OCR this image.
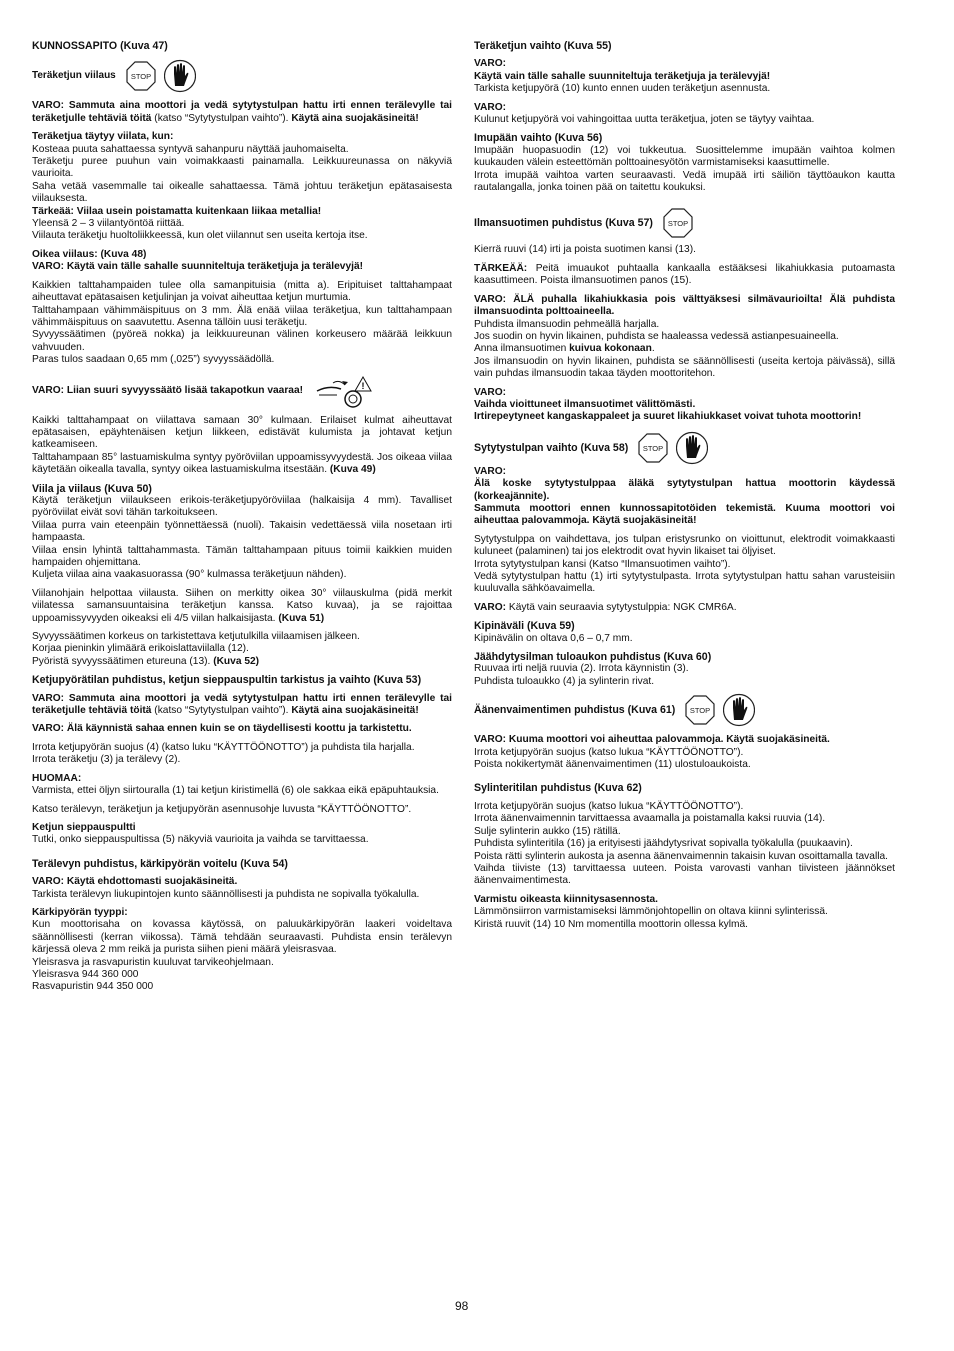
KUNNOSSAPITO (Kuva 47)

Teräketjun viilaus STOP

VARO: Sammuta aina moottori ja vedä sytytystulpan hattu irti ennen terälevylle tai teräketjulle tehtäviä töitä (katso “Sytytystulpan vaihto”). Käytä aina suojakäsineitä!

Teräketjua täytyy viilata, kun:

Kosteaa puuta sahattaessa syntyvä sahanpuru näyttää jauhomaiselta.

Teräketju puree puuhun vain voimakkaasti painamalla. Leikkuureunassa on näkyviä vaurioita.

Saha vetää vasemmalle tai oikealle sahattaessa. Tämä johtuu teräketjun epätasaisesta viilauksesta.

Tärkeää: Viilaa usein poistamatta kuitenkaan liikaa metallia!

Yleensä 2 – 3 viilantyöntöä riittää.

Viilauta teräketju huoltoliikkeessä, kun olet viilannut sen useita kertoja itse.

Oikea viilaus: (Kuva 48)

VARO: Käytä vain tälle sahalle suunniteltuja teräketjuja ja terälevyjä!

Kaikkien talttahampaiden tulee olla samanpituisia (mitta a). Eripituiset talttahampaat aiheuttavat epätasaisen ketjulinjan ja voivat aiheuttaa ketjun murtumia.

Talttahampaan vähimmäispituus on 3 mm. Älä enää viilaa teräketjua, kun talttahampaan vähimmäispituus on saavutettu. Asenna tällöin uusi teräketju.

Syvyyssäätimen (pyöreä nokka) ja leikkuureunan välinen korkeusero määrää leikkuun vahvuuden.

Paras tulos saadaan 0,65 mm (,025”) syvyyssäädöllä.

VARO: Liian suuri syvyyssäätö lisää takapotkun vaaraa!	!

Kaikki talttahampaat on viilattava samaan 30° kulmaan. Erilaiset kulmat aiheuttavat epätasaisen, epäyhtenäisen ketjun liikkeen, edistävät kulumista ja johtavat ketjun katkeamiseen.

Talttahampaan 85° lastuamiskulma syntyy pyöröviilan uppoamissyvyydestä. Jos oikeaa viilaa käytetään oikealla tavalla, syntyy oikea lastuamiskulma itsestään. (Kuva 49)

Viila ja viilaus (Kuva 50)

Käytä teräketjun viilaukseen erikois-teräketjupyöröviilaa (halkaisija 4 mm). Tavalliset pyöröviilat eivät sovi tähän tarkoitukseen.

Viilaa purra vain eteenpäin työnnettäessä (nuoli). Takaisin vedettäessä viila nosetaan irti hampaasta.

Viilaa ensin lyhintä talttahammasta. Tämän talttahampaan pituus toimii kaikkien muiden hampaiden ohjemittana.

Kuljeta viilaa aina vaakasuorassa (90° kulmassa teräketjuun nähden).

Viilanohjain helpottaa viilausta. Siihen on merkitty oikea 30° viilauskulma (pidä merkit viilatessa samansuuntaisina teräketjun kanssa. Katso kuvaa), ja se rajoittaa uppoamissyvyyden oikeaksi eli 4/5 viilan halkaisijasta. (Kuva 51)

Syvyyssäätimen korkeus on tarkistettava ketjutulkilla viilaamisen jälkeen.

Korjaa pieninkin ylimäärä erikoislattaviilalla (12).

Pyöristä syvyyssäätimen etureuna (13). (Kuva 52)

Ketjupyörätilan puhdistus, ketjun sieppauspultin tarkistus ja vaihto (Kuva 53)

VARO: Sammuta aina moottori ja vedä sytytystulpan hattu irti ennen terälevylle tai teräketjulle tehtäviä töitä (katso “Sytytystulpan vaihto”). Käytä aina suojakäsineitä!

VARO: Älä käynnistä sahaa ennen kuin se on täydellisesti koottu ja tarkistettu.

Irrota ketjupyörän suojus (4) (katso luku “KÄYTTÖÖNOTTO”) ja puhdista tila harjalla.

Irrota teräketju (3) ja terälevy (2).

HUOMAA:

Varmista, ettei öljyn siirtouralla (1) tai ketjun kiristimellä (6) ole sakkaa eikä epäpuhtauksia.

Katso terälevyn, teräketjun ja ketjupyörän asennusohje luvusta “KÄYTTÖÖNOTTO”.

Ketjun sieppauspultti

Tutki, onko sieppauspultissa (5) näkyviä vaurioita ja vaihda se tarvittaessa.

Terälevyn puhdistus, kärkipyörän voitelu (Kuva 54)

VARO: Käytä ehdottomasti suojakäsineitä.

Tarkista terälevyn liukupintojen kunto säännöllisesti ja puhdista ne sopivalla työkalulla.

Kärkipyörän tyyppi:

Kun moottorisaha on kovassa käytössä, on paluukärkipyörän laakeri voideltava säännöllisesti (kerran viikossa). Tämä tehdään seuraavasti. Puhdista ensin terälevyn kärjessä oleva 2 mm reikä ja purista siihen pieni määrä yleisrasvaa.

Yleisrasva ja rasvapuristin kuuluvat tarvikeohjelmaan.

Yleisrasva 944 360 000

Rasvapuristin 944 350 000

Teräketjun vaihto (Kuva 55)

VARO:

Käytä vain tälle sahalle suunniteltuja teräketjuja ja terälevyjä!

Tarkista ketjupyörä (10) kunto ennen uuden teräketjun asennusta.

VARO:

Kulunut ketjupyörä voi vahingoittaa uutta teräketjua, joten se täytyy vaihtaa.

Imupään vaihto (Kuva 56)

Imupään huopasuodin (12) voi tukkeutua. Suosittelemme imupään vaihtoa kolmen kuukauden välein esteettömän polttoainesyötön varmistamiseksi kaasuttimelle.

Irrota imupää vaihtoa varten seuraavasti. Vedä imupää irti säiliön täyttöaukon kautta rautalangalla, jonka toinen pää on taitettu koukuksi.

Ilmansuotimen puhdistus (Kuva 57) STOP

Kierrä ruuvi (14) irti ja poista suotimen kansi (13).

TÄRKEÄÄ: Peitä imuaukot puhtaalla kankaalla estääksesi likahiukkasia putoamasta kaasuttimeen. Poista ilmansuotimen panos (15).

VARO: ÄLÄ puhalla likahiukkasia pois välttyäksesi silmävaurioilta! Älä puhdista ilmansuodinta polttoaineella.

Puhdista ilmansuodin pehmeällä harjalla.

Jos suodin on hyvin likainen, puhdista se haaleassa vedessä astianpesuaineella.

Anna ilmansuotimen kuivua kokonaan.

Jos ilmansuodin on hyvin likainen, puhdista se säännöllisesti (useita kertoja päivässä), sillä vain puhdas ilmansuodin takaa täyden moottoritehon.

VARO:

Vaihda vioittuneet ilmansuotimet välittömästi.

Irtirepeytyneet kangaskappaleet ja suuret likahiukkaset voivat tuhota moottorin!

Sytytystulpan vaihto (Kuva 58) STOP

VARO:

Älä koske sytytystulppaa äläkä sytytystulpan hattua moottorin käydessä (korkeajännite).

Sammuta moottori ennen kunnossapitotöiden tekemistä. Kuuma moottori voi aiheuttaa palovammoja. Käytä suojakäsineitä!

Sytytystulppa on vaihdettava, jos tulpan eristysrunko on vioittunut, elektrodit voimakkaasti kuluneet (palaminen) tai jos elektrodit ovat hyvin likaiset tai öljyiset.

Irrota sytytystulpan kansi (Katso “Ilmansuotimen vaihto”).

Vedä sytytystulpan hattu (1) irti sytytystulpasta. Irrota sytytystulpan hattu sahan varusteisiin kuuluvalla sähköavaimella.

VARO: Käytä vain seuraavia sytytystulppia: NGK CMR6A.

Kipinäväli (Kuva 59)

Kipinävälin on oltava 0,6 – 0,7 mm.

Jäähdytysilman tuloaukon puhdistus (Kuva 60)

Ruuvaa irti neljä ruuvia (2). Irrota käynnistin (3).

Puhdista tuloaukko (4) ja sylinterin rivat.

Äänenvaimentimen puhdistus (Kuva 61) STOP

VARO: Kuuma moottori voi aiheuttaa palovammoja. Käytä suojakäsineitä.

Irrota ketjupyörän suojus (katso lukua “KÄYTTÖÖNOTTO”).

Poista nokikertymät äänenvaimentimen (11) ulostuloaukoista.

Sylinteritilan puhdistus (Kuva 62)

Irrota ketjupyörän suojus (katso lukua “KÄYTTÖÖNOTTO”).

Irrota äänenvaimennin tarvittaessa avaamalla ja poistamalla kaksi ruuvia (14).

Sulje sylinterin aukko (15) rätillä.

Puhdista sylinteritila (16) ja erityisesti jäähdytysrivat sopivalla työkalulla (puukaavin).

Poista rätti sylinterin aukosta ja asenna äänenvaimennin takaisin kuvan osoittamalla tavalla.

Vaihda tiiviste (13) tarvittaessa uuteen. Poista varovasti vanhan tiivisteen jäännökset äänenvaimentimesta.

Varmistu oikeasta kiinnitysasennosta.

Lämmönsiirron varmistamiseksi lämmönjohtopellin on oltava kiinni sylinterissä.

Kiristä ruuvit (14) 10 Nm momentilla moottorin ollessa kylmä.

98
